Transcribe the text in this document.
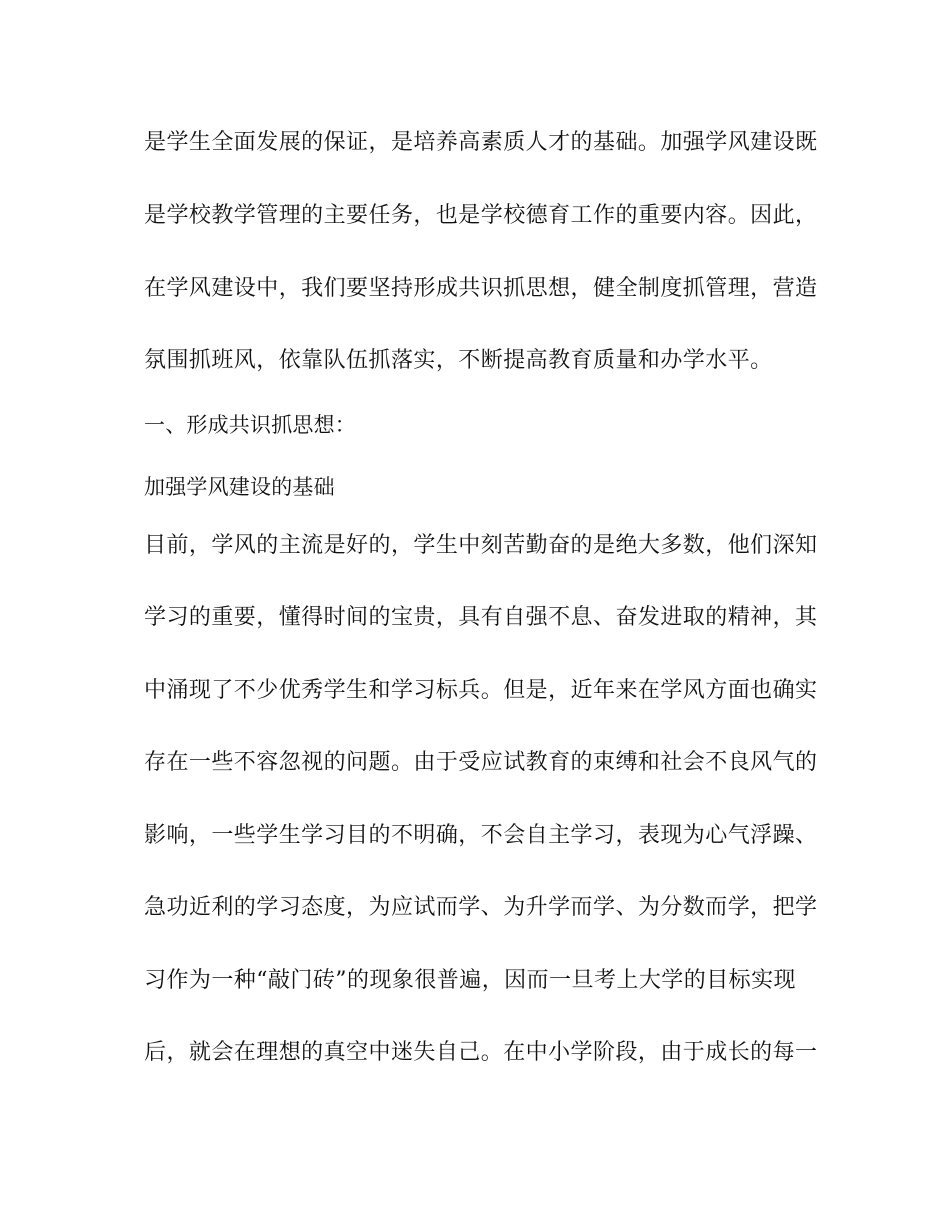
是学生全面发展的保证，是培养高素质人才的基础。加强学风建设既
是学校教学管理的主要任务，也是学校德育工作的重要内容。因此，
在学风建设中，我们要坚持形成共识抓思想，健全制度抓管理，营造
氛围抓班风，依靠队伍抓落实，不断提高教育质量和办学水平。
一、形成共识抓思想：
加强学风建设的基础
目前，学风的主流是好的，学生中刻苦勤奋的是绝大多数，他们深知
学习的重要，懂得时间的宝贵，具有自强不息、奋发进取的精神，其
中涌现了不少优秀学生和学习标兵。但是，近年来在学风方面也确实
存在一些不容忽视的问题。由于受应试教育的束缚和社会不良风气的
影响，一些学生学习目的不明确，不会自主学习，表现为心气浮躁、
急功近利的学习态度，为应试而学、为升学而学、为分数而学，把学
习作为一种“敲门砖”的现象很普遍，因而一旦考上大学的目标实现
后，就会在理想的真空中迷失自己。在中小学阶段，由于成长的每一
